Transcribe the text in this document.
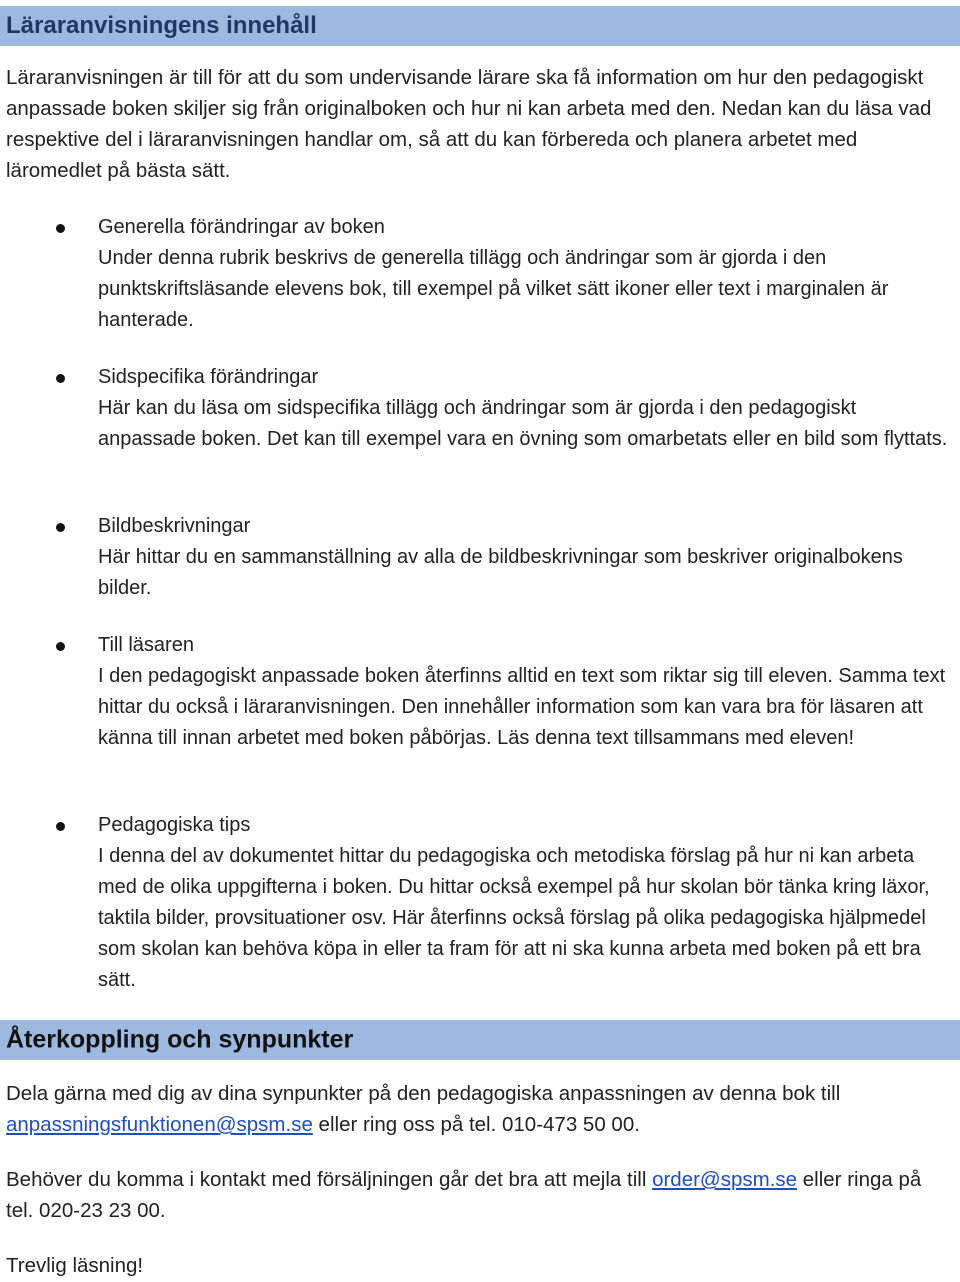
Läraranvisningens innehåll
Läraranvisningen är till för att du som undervisande lärare ska få information om hur den pedagogiskt anpassade boken skiljer sig från originalboken och hur ni kan arbeta med den. Nedan kan du läsa vad respektive del i läraranvisningen handlar om, så att du kan förbereda och planera arbetet med läromedlet på bästa sätt.
Generella förändringar av boken
Under denna rubrik beskrivs de generella tillägg och ändringar som är gjorda i den punktskriftsläsande elevens bok, till exempel på vilket sätt ikoner eller text i marginalen är hanterade.
Sidspecifika förändringar
Här kan du läsa om sidspecifika tillägg och ändringar som är gjorda i den pedagogiskt anpassade boken. Det kan till exempel vara en övning som omarbetats eller en bild som flyttats.
Bildbeskrivningar
Här hittar du en sammanställning av alla de bildbeskrivningar som beskriver originalbokens bilder.
Till läsaren
I den pedagogiskt anpassade boken återfinns alltid en text som riktar sig till eleven. Samma text hittar du också i läraranvisningen. Den innehåller information som kan vara bra för läsaren att känna till innan arbetet med boken påbörjas. Läs denna text tillsammans med eleven!
Pedagogiska tips
I denna del av dokumentet hittar du pedagogiska och metodiska förslag på hur ni kan arbeta med de olika uppgifterna i boken. Du hittar också exempel på hur skolan bör tänka kring läxor, taktila bilder, provsituationer osv. Här återfinns också förslag på olika pedagogiska hjälpmedel som skolan kan behöva köpa in eller ta fram för att ni ska kunna arbeta med boken på ett bra sätt.
Återkoppling och synpunkter
Dela gärna med dig av dina synpunkter på den pedagogiska anpassningen av denna bok till anpassningsfunktionen@spsm.se eller ring oss på tel. 010-473 50 00.
Behöver du komma i kontakt med försäljningen går det bra att mejla till order@spsm.se eller ringa på tel. 020-23 23 00.
Trevlig läsning!
